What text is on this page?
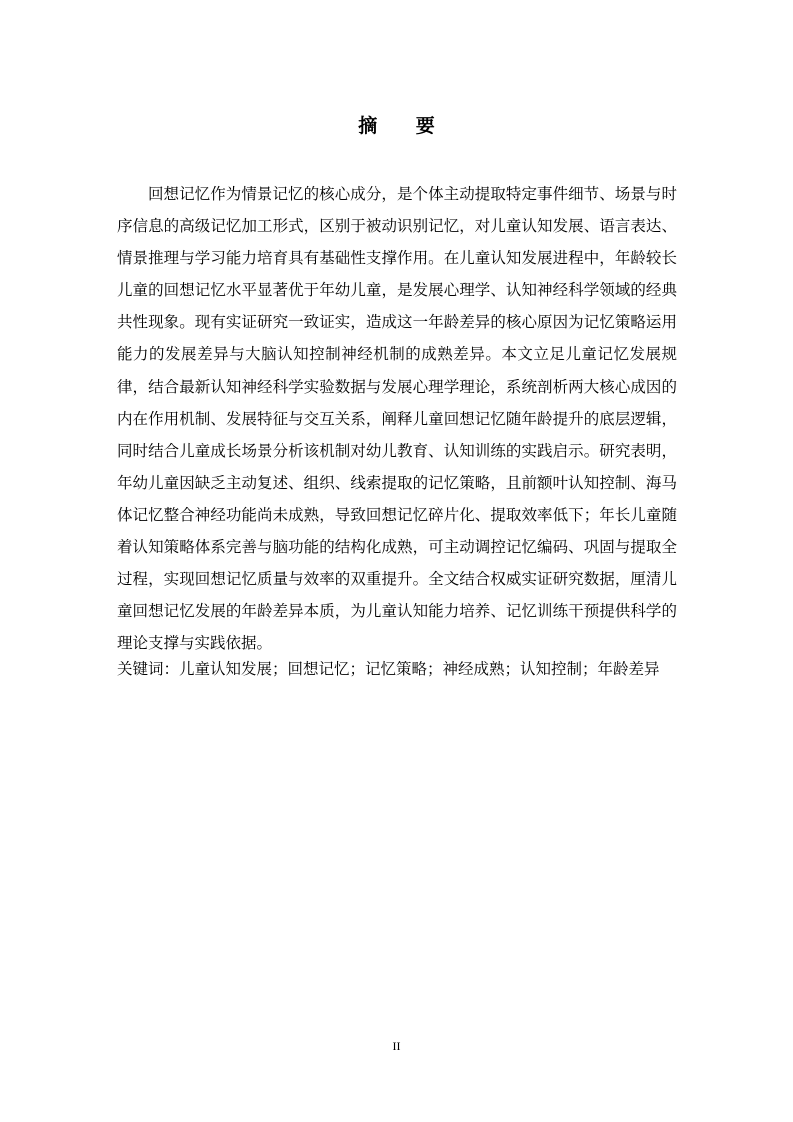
摘 要

回想记忆作为情景记忆的核心成分，是个体主动提取特定事件细节、场景与时序信息的高级记忆加工形式，区别于被动识别记忆，对儿童认知发展、语言表达、情景推理与学习能力培育具有基础性支撑作用。在儿童认知发展进程中，年龄较长儿童的回想记忆水平显著优于年幼儿童，是发展心理学、认知神经科学领域的经典共性现象。现有实证研究一致证实，造成这一年龄差异的核心原因为记忆策略运用能力的发展差异与大脑认知控制神经机制的成熟差异。本文立足儿童记忆发展规律，结合最新认知神经科学实验数据与发展心理学理论，系统剖析两大核心成因的内在作用机制、发展特征与交互关系，阐释儿童回想记忆随年龄提升的底层逻辑，同时结合儿童成长场景分析该机制对幼儿教育、认知训练的实践启示。研究表明，年幼儿童因缺乏主动复述、组织、线索提取的记忆策略，且前额叶认知控制、海马体记忆整合神经功能尚未成熟，导致回想记忆碎片化、提取效率低下；年长儿童随着认知策略体系完善与脑功能的结构化成熟，可主动调控记忆编码、巩固与提取全过程，实现回想记忆质量与效率的双重提升。全文结合权威实证研究数据，厘清儿童回想记忆发展的年龄差异本质，为儿童认知能力培养、记忆训练干预提供科学的理论支撑与实践依据。

关键词：儿童认知发展；回想记忆；记忆策略；神经成熟；认知控制；年龄差异

II
